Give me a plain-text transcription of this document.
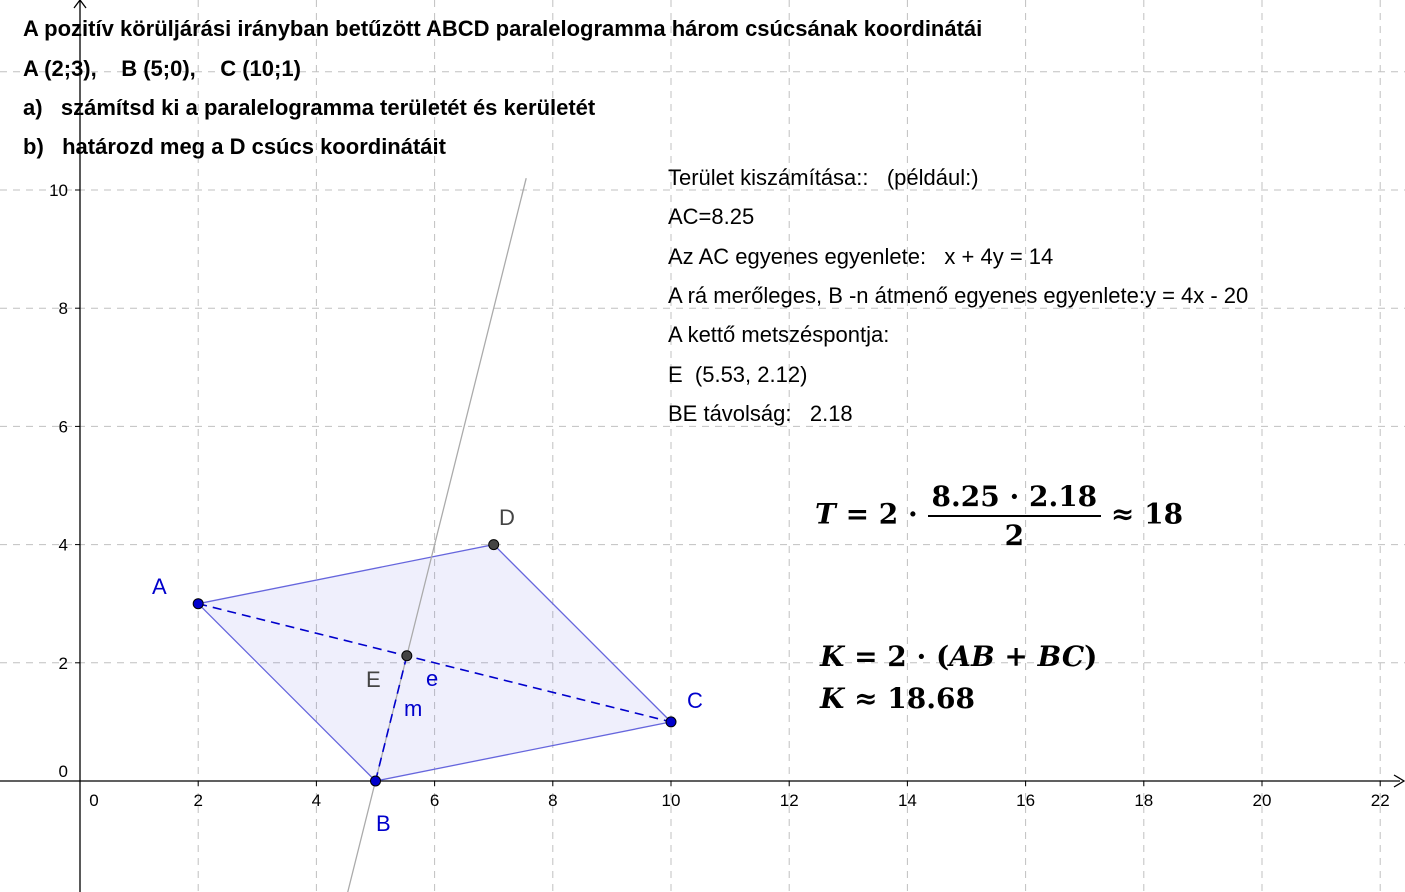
0	2	4	6	8	10	12	14	16	18	20	22
0
2
4
6
8
10
A
B
C
D
E e
m

A pozitív körüljárási irányban betűzött ABCD paralelogramma három csúcsának koordinátái

A (2;3),    B (5;0),    C (10;1)

a)   számítsd ki a paralelogramma területét és kerületét

b)   határozd meg a D csúcs koordinátáit

Terület kiszámítása::   (például:)

AC=8.25

Az AC egyenes egyenlete:   x + 4y = 14

A rá merőleges, B -n átmenő egyenes egyenlete:y = 4x - 20

A kettő metszéspontja:

E  (5.53, 2.12)

BE távolság:   2.18

$T = 2 \cdot \frac{8.25 \cdot 2.18}{2} \approx 18$
K = 2 · (AB + BC)
K ≈ 18.68
